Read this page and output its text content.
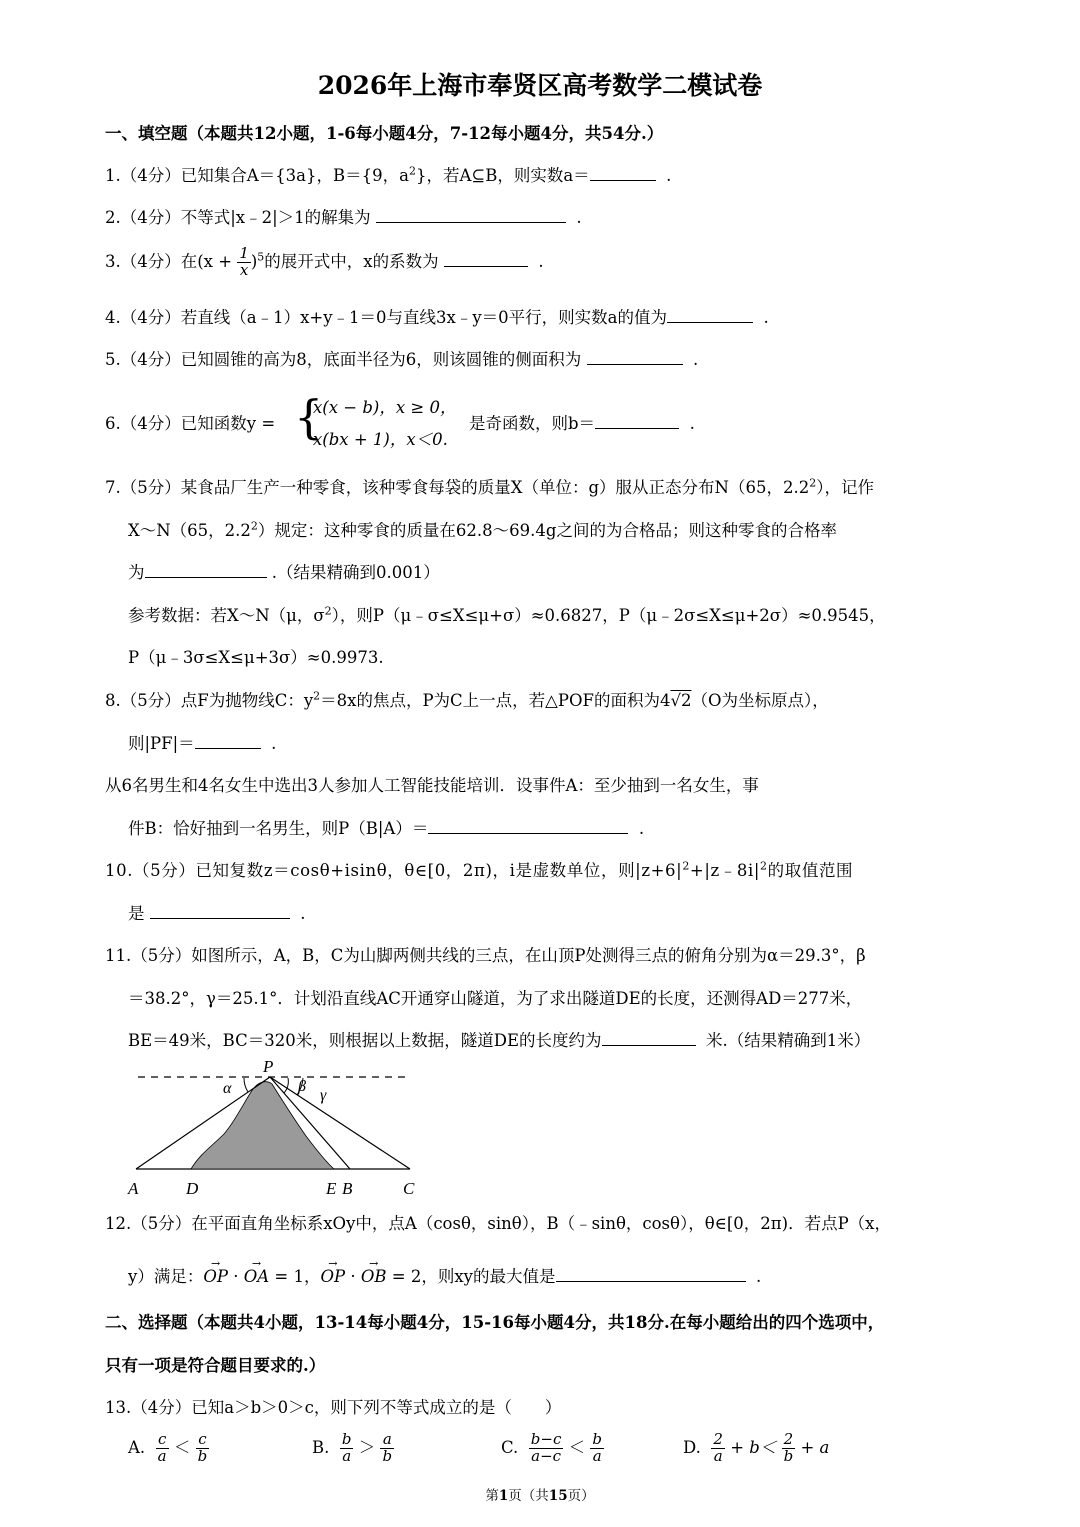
2026年上海市奉贤区高考数学二模试卷
一、填空题（本题共12小题，1-6每小题4分，7-12每小题4分，共54分.）
1.（4分）已知集合A＝{3a}，B＝{9，$a^2$}，若A⊆B，则实数a＝	.
2.（4分）不等式|x﹣2|＞1的解集为	.
3.（4分）在$(x + \frac{1}{x} )^5$的展开式中，x的系数为	.
4.（4分）若直线（a﹣1）x+y﹣1＝0与直线3x﹣y＝0平行，则实数a的值为	.
5.（4分）已知圆锥的高为8，底面半径为6，则该圆锥的侧面积为	.
6.（4分）已知函数y = {
x(x − b)，x ≥ 0，
x(bx + 1)，x＜0.
是奇函数，则b＝	.
7.（5分）某食品厂生产一种零食，该种零食每袋的质量X（单位：g）服从正态分布N（65，$2.2^2$），记作
X～N（65，$2.2^2$）规定：这种零食的质量在62.8～69.4g之间的为合格品；则这种零食的合格率
为	.（结果精确到0.001）
参考数据：若X～N（μ，$\sigma^2$），则P（μ﹣σ≤X≤μ+σ）≈0.6827，P（μ﹣2σ≤X≤μ+2σ）≈0.9545，
P（μ﹣3σ≤X≤μ+3σ）≈0.9973.
8.（5分）点F为抛物线C：$y^2=8x$的焦点，P为C上一点，若△POF的面积为4√2（O为坐标原点），
则|PF|＝	.
从6名男生和4名女生中选出3人参加人工智能技能培训．设事件A：至少抽到一名女生，事
件B：恰好抽到一名男生，则P（B|A）＝	.
10.（5分）已知复数z＝cosθ+isinθ，θ∈[0，2π)，i是虚数单位，则$|z+6|^2+|z﹣8i|^2$的取值范围
是	.
11.（5分）如图所示，A，B，C为山脚两侧共线的三点，在山顶P处测得三点的俯角分别为α＝29.3°，β
＝38.2°，γ＝25.1°．计划沿直线AC开通穿山隧道，为了求出隧道DE的长度，还测得AD＝277米，
BE＝49米，BC＝320米，则根据以上数据，隧道DE的长度约为	米.（结果精确到1米）
P
α	β
γ
A	D	E B	C
12.（5分）在平面直角坐标系xOy中，点A（cosθ，sinθ），B（﹣sinθ，cosθ），θ∈[0，2π)．若点P（x，
y）满足：→ OP · → OA = 1，→ OP · → OB = 2，则xy的最大值是	.
二、选择题（本题共4小题，13-14每小题4分，15-16每小题4分，共18分.在每小题给出的四个选项中，
只有一项是符合题目要求的.）
13.（4分）已知a＞b＞0＞c，则下列不等式成立的是（　　）
A. $\frac{c}{a} < \frac{c}{b}$	B. $\frac{b}{a} > \frac{a}{b}$	C. $\frac{b-c}{a-c} < \frac{b}{a}$	D. $\frac{2}{a} + b< \frac{2}{b} + a$
第1页（共15页）
